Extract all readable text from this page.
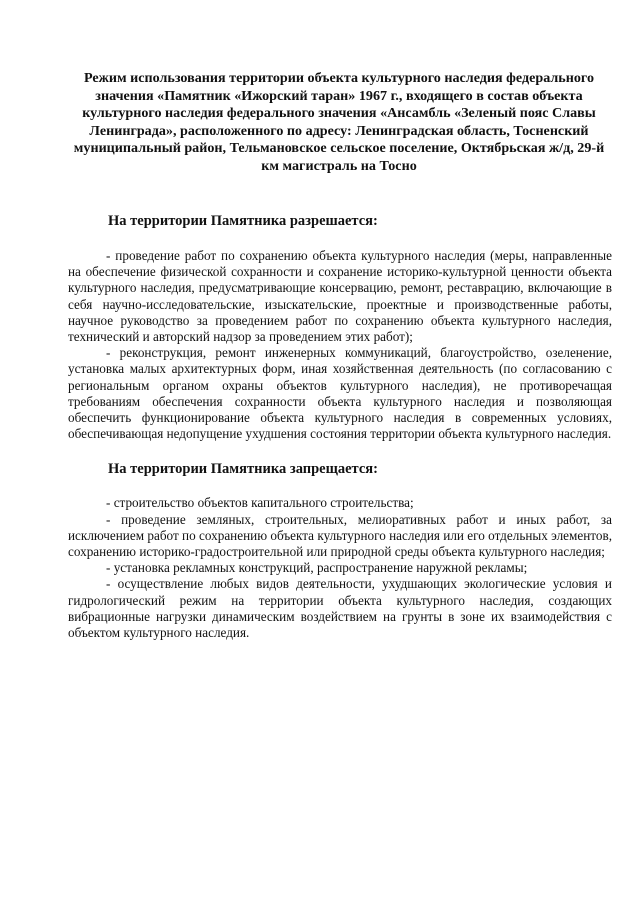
Режим использования территории объекта культурного наследия федерального значения «Памятник «Ижорский таран» 1967 г., входящего в состав объекта культурного наследия федерального значения «Ансамбль «Зеленый пояс Славы Ленинграда», расположенного по адресу: Ленинградская область, Тосненский муниципальный район, Тельмановское сельское поселение, Октябрьская ж/д, 29-й км магистраль на Тосно
На территории Памятника разрешается:

- проведение работ по сохранению объекта культурного наследия (меры, направленные на обеспечение физической сохранности и сохранение историко-культурной ценности объекта культурного наследия, предусматривающие консервацию, ремонт, реставрацию, включающие в себя научно-исследовательские, изыскательские, проектные и производственные работы, научное руководство за проведением работ по сохранению объекта культурного наследия, технический и авторский надзор за проведением этих работ);

- реконструкция, ремонт инженерных коммуникаций, благоустройство, озеленение, установка малых архитектурных форм, иная хозяйственная деятельность (по согласованию с региональным органом охраны объектов культурного наследия), не противоречащая требованиям обеспечения сохранности объекта культурного наследия и позволяющая обеспечить функционирование объекта культурного наследия в современных условиях, обеспечивающая недопущение ухудшения состояния территории объекта культурного наследия.

На территории Памятника запрещается:

- строительство объектов капитального строительства;

- проведение земляных, строительных, мелиоративных работ и иных работ, за исключением работ по сохранению объекта культурного наследия или его отдельных элементов, сохранению историко-градостроительной или природной среды объекта культурного наследия;

- установка рекламных конструкций, распространение наружной рекламы;

- осуществление любых видов деятельности, ухудшающих экологические условия и гидрологический режим на территории объекта культурного наследия, создающих вибрационные нагрузки динамическим воздействием на грунты в зоне их взаимодействия с объектом культурного наследия.
